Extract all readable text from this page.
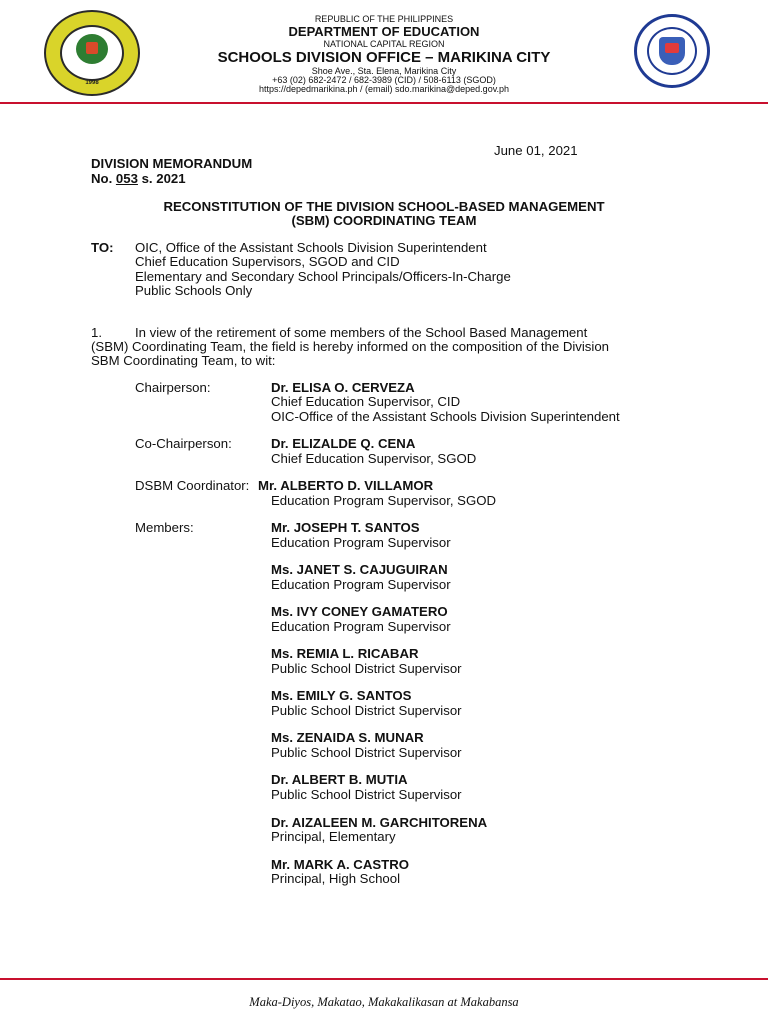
1998
REPUBLIC OF THE PHILIPPINES
DEPARTMENT OF EDUCATION
NATIONAL CAPITAL REGION
SCHOOLS DIVISION OFFICE – MARIKINA CITY
Shoe Ave., Sta. Elena, Marikina City
+63 (02) 682-2472 / 682-3989 (CID) / 508-6113 (SGOD)
https://depedmarikina.ph / (email) sdo.marikina@deped.gov.ph
June 01, 2021
DIVISION MEMORANDUM
No. 053 s. 2021
RECONSTITUTION OF THE DIVISION SCHOOL-BASED MANAGEMENT
(SBM) COORDINATING TEAM
TO: OIC, Office of the Assistant Schools Division Superintendent
Chief Education Supervisors, SGOD and CID
Elementary and Secondary School Principals/Officers-In-Charge
Public Schools Only
1.	In view of the retirement of some members of the School Based Management
(SBM) Coordinating Team, the field is hereby informed on the composition of the Division
SBM Coordinating Team, to wit:
Chairperson:	Dr. ELISA O. CERVEZA
Chief Education Supervisor, CID
OIC-Office of the Assistant Schools Division Superintendent
Co-Chairperson:	Dr. ELIZALDE Q. CENA
Chief Education Supervisor, SGOD
DSBM Coordinator: Mr. ALBERTO D. VILLAMOR
Education Program Supervisor, SGOD
Members:	Mr. JOSEPH T. SANTOS
Education Program Supervisor
Ms. JANET S. CAJUGUIRAN
Education Program Supervisor
Ms. IVY CONEY GAMATERO
Education Program Supervisor
Ms. REMIA L. RICABAR
Public School District Supervisor
Ms. EMILY G. SANTOS
Public School District Supervisor
Ms. ZENAIDA S. MUNAR
Public School District Supervisor
Dr. ALBERT B. MUTIA
Public School District Supervisor
Dr. AIZALEEN M. GARCHITORENA
Principal, Elementary
Mr. MARK A. CASTRO
Principal, High School
Maka-Diyos, Makatao, Makakalikasan at Makabansa
